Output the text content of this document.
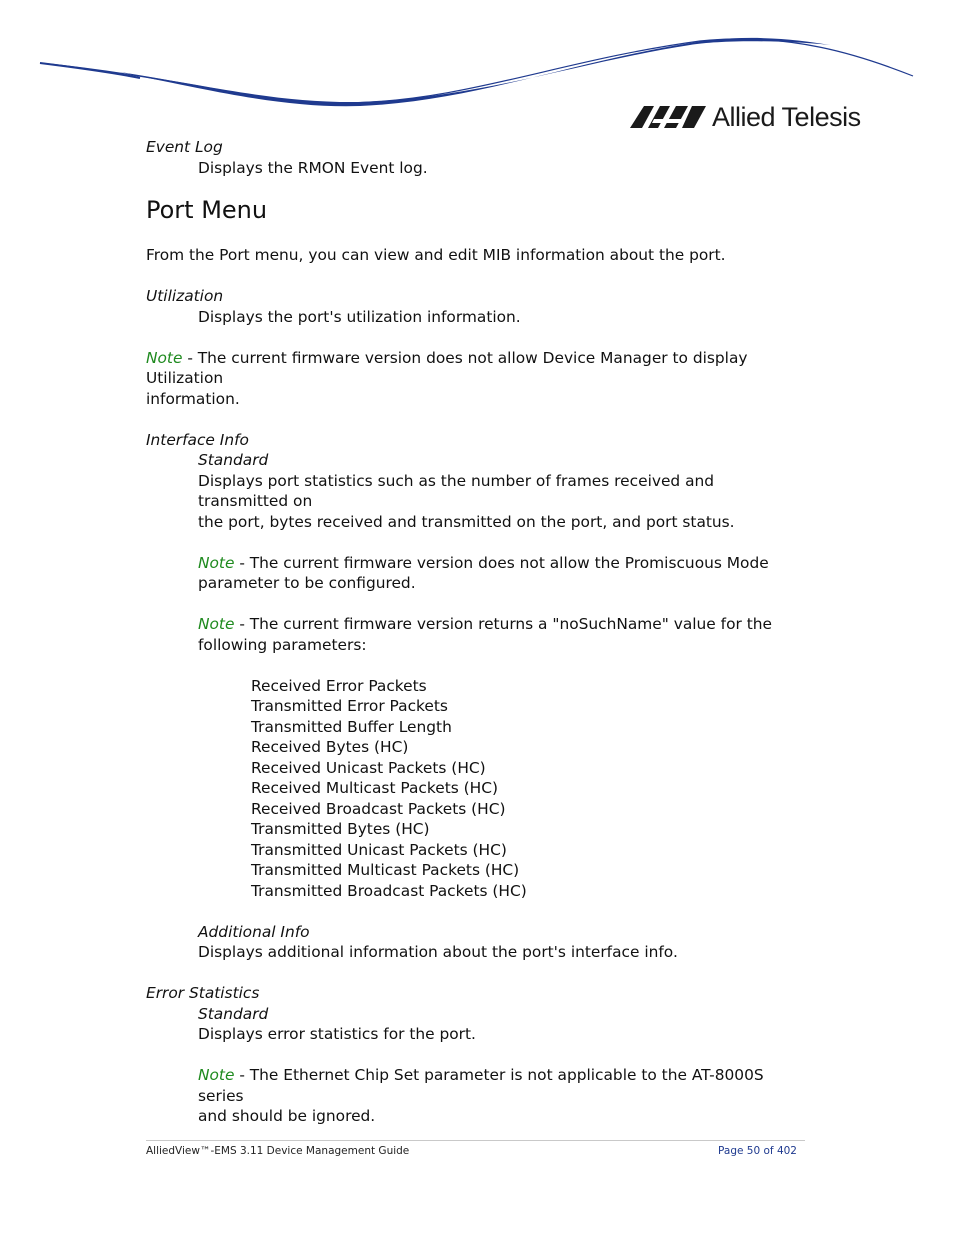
Allied Telesis

Event Log

Displays the RMON Event log.

Port Menu

From the Port menu, you can view and edit MIB information about the port.

Utilization

Displays the port's utilization information.

Note - The current firmware version does not allow Device Manager to display Utilization

information.

Interface Info

Standard

Displays port statistics such as the number of frames received and transmitted on

the port, bytes received and transmitted on the port, and port status.

Note - The current firmware version does not allow the Promiscuous Mode

parameter to be configured.

Note - The current firmware version returns a "noSuchName" value for the

following parameters:

Received Error Packets

Transmitted Error Packets

Transmitted Buffer Length

Received Bytes (HC)

Received Unicast Packets (HC)

Received Multicast Packets (HC)

Received Broadcast Packets (HC)

Transmitted Bytes (HC)

Transmitted Unicast Packets (HC)

Transmitted Multicast Packets (HC)

Transmitted Broadcast Packets (HC)

Additional Info

Displays additional information about the port's interface info.

Error Statistics

Standard

Displays error statistics for the port.

Note - The Ethernet Chip Set parameter is not applicable to the AT-8000S series

and should be ignored.

AlliedView™-EMS 3.11 Device Management Guide	Page 50 of 402
